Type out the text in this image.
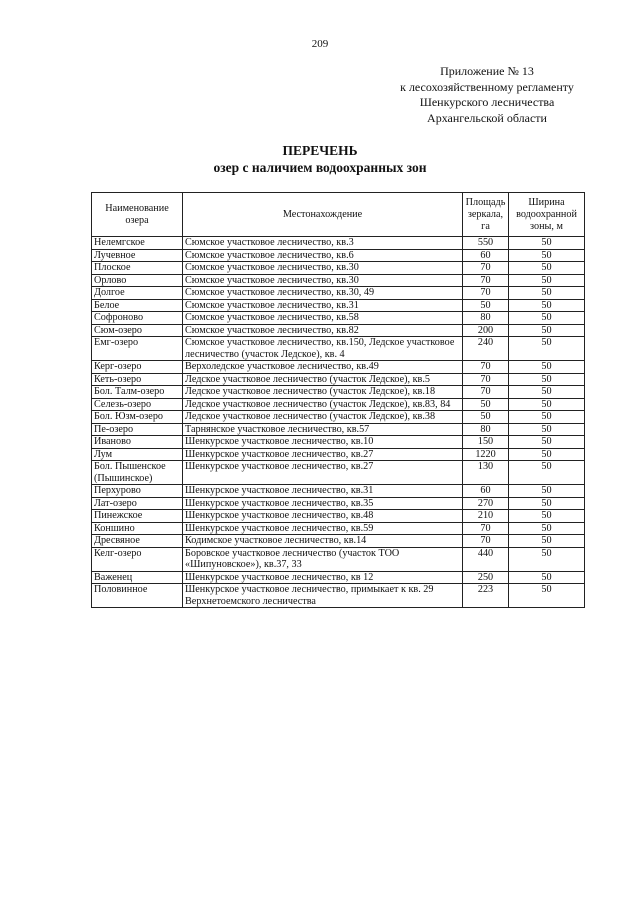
209
Приложение № 13
к лесохозяйственному регламенту
Шенкурского лесничества
Архангельской области
ПЕРЕЧЕНЬ
озер с наличием водоохранных зон
Наименование озера	Местонахождение	Площадь зеркала, га	Ширина водоохранной зоны, м
Нелемгское	Сюмское участковое лесничество, кв.3	550	50
Лучевное	Сюмское участковое лесничество, кв.6	60	50
Плоское	Сюмское участковое лесничество, кв.30	70	50
Орлово	Сюмское участковое лесничество, кв.30	70	50
Долгое	Сюмское участковое лесничество, кв.30, 49	70	50
Белое	Сюмское участковое лесничество, кв.31	50	50
Софроново	Сюмское участковое лесничество, кв.58	80	50
Сюм-озеро	Сюмское участковое лесничество, кв.82	200	50
Емг-озеро	Сюмское участковое лесничество, кв.150, Ледское участковое лесничество (участок Ледское), кв. 4	240	50
Керг-озеро	Верхоледское участковое лесничество, кв.49	70	50
Кеть-озеро	Ледское участковое лесничество (участок Ледское), кв.5	70	50
Бол. Талм-озеро	Ледское участковое лесничество (участок Ледское), кв.18	70	50
Селезь-озеро	Ледское участковое лесничество (участок Ледское), кв.83, 84	50	50
Бол. Юзм-озеро	Ледское участковое лесничество (участок Ледское), кв.38	50	50
Пе-озеро	Тарнянское участковое лесничество, кв.57	80	50
Иваново	Шенкурское участковое лесничество, кв.10	150	50
Лум	Шенкурское участковое лесничество, кв.27	1220	50
Бол. Пышенское (Пышинское)	Шенкурское участковое лесничество, кв.27	130	50
Перхурово	Шенкурское участковое лесничество, кв.31	60	50
Лат-озеро	Шенкурское участковое лесничество, кв.35	270	50
Пинежское	Шенкурское участковое лесничество, кв.48	210	50
Коншино	Шенкурское участковое лесничество, кв.59	70	50
Дресвяное	Кодимское участковое лесничество, кв.14	70	50
Келг-озеро	Боровское участковое лесничество (участок ТОО «Шипуновское»), кв.37, 33	440	50
Важенец	Шенкурское участковое лесничество, кв 12	250	50
Половинное	Шенкурское участковое лесничество, примыкает к кв. 29 Верхнетоемского лесничества	223	50
